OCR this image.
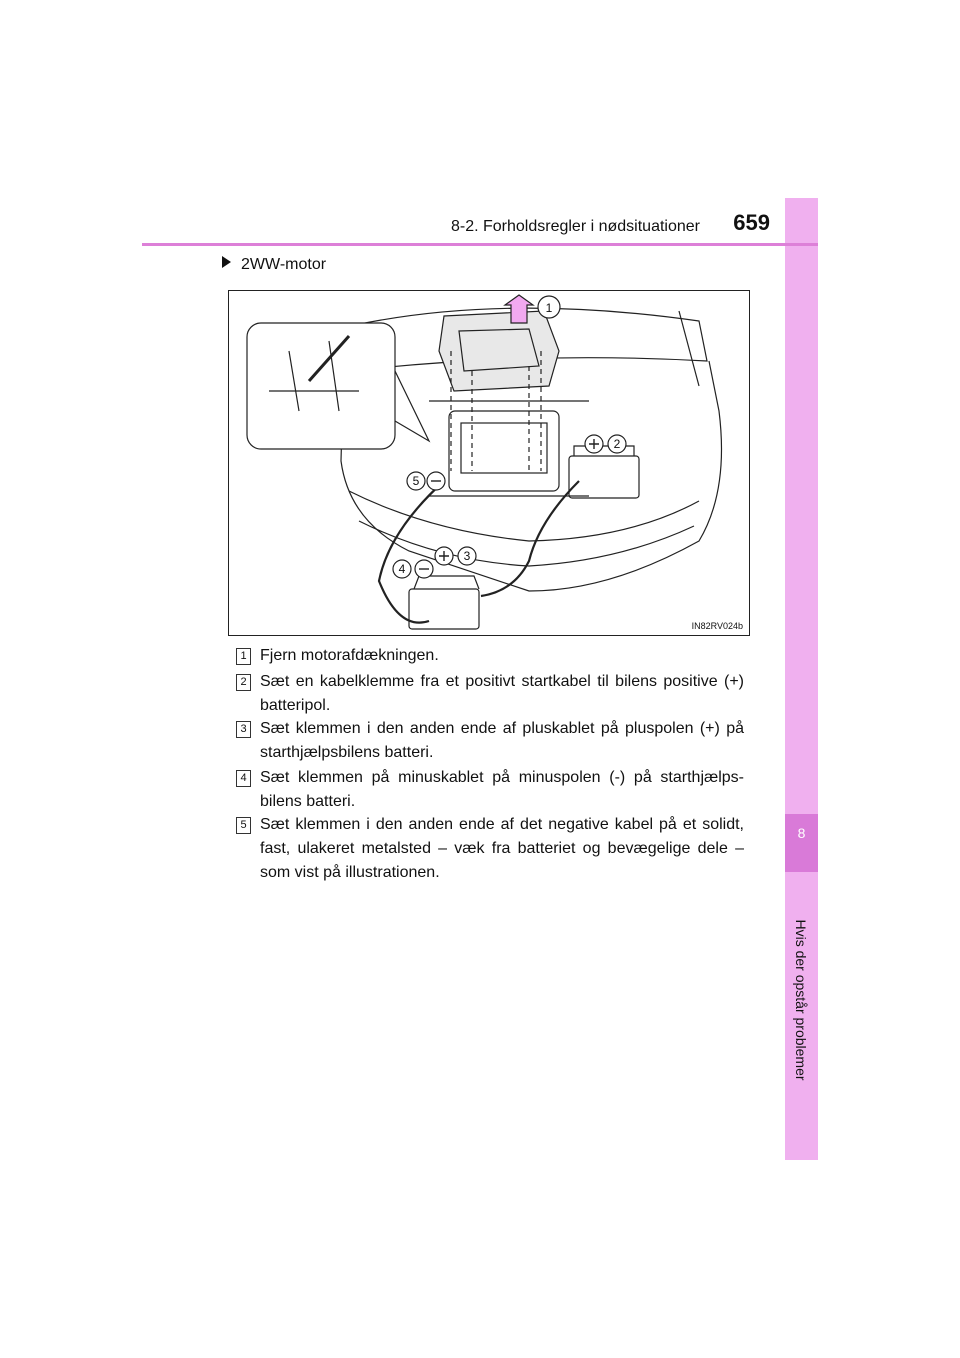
8
Hvis der opstår problemer
8-2. Forholdsregler i nødsituationer	659
2WW-motor
1
2
3
4
5
IN82RV024b
1 Fjern motorafdækningen.
2 Sæt en kabelklemme fra et positivt startkabel til bilens positive (+) batteripol.
3 Sæt klemmen i den anden ende af pluskablet på pluspolen (+) på starthjælpsbilens batteri.
4 Sæt klemmen på minuskablet på minuspolen (-) på starthjælps-bilens batteri.
5 Sæt klemmen i den anden ende af det negative kabel på et solidt, fast, ulakeret metalsted – væk fra batteriet og bevægelige dele – som vist på illustrationen.
